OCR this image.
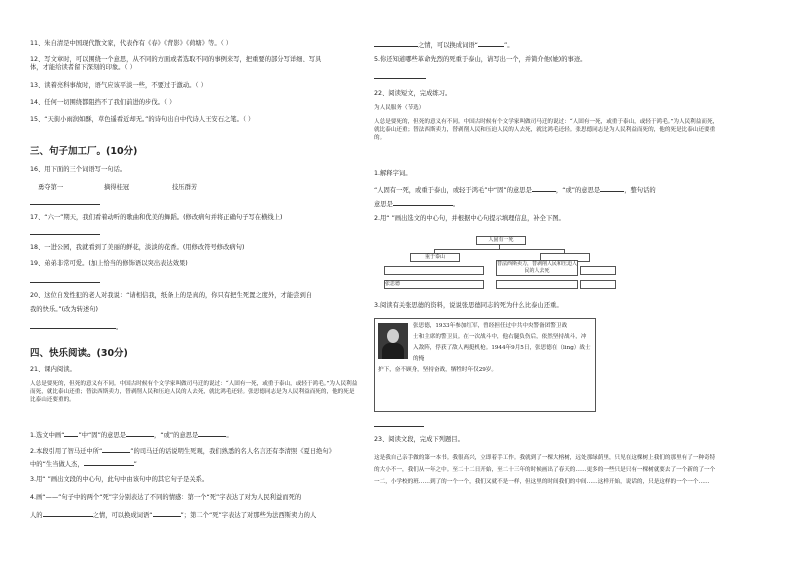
11、朱自清是中国现代散文家，代表作有《春》《背影》《荷塘》等。（ ）
12、写文章时，可以围绕一个意思，从不同的方面或者选取不同的事例来写，把重要的部分写详细、写具
体，才能给读者留下深刻的印象。（ ）
13、读着亮科事故时，语气应该平淡一些，不要过于激动。（ ）
14、任何一切围绕都阻挡不了我们前进的步伐。（ ）
15、“天街小雨润如酥，草色遥看近却无。”的诗句出自中代诗人王安石之笔。（ ）
三、句子加工厂。(10分)
16、用下面的三个词语写一句话。
勇夺第一	摘得桂冠	技压群芳
17、“六一”期天，我们看着动听的歌曲和优美的舞蹈。(修改病句并将正确句子写在横线上)
18、一进公园，我就看到了美丽的鲜花，淡淡的花香。(用修改符号修改病句)
19、弟弟非常可爱。(加上恰当的修饰语以突出表达效果)
20、这位自发性犯的老人对我说：“请相信我，纸条上的是真的，你只有把生死置之度外，才能尝到自
我的快乐。”(改为转述句)
。
四、快乐阅读。(30分)
21、课内阅读。
人总是要死的，但死的意义有不同。中国古时候有个文学家叫做司马迁的说过：“人固有一死，或重于泰山，或轻于鸿毛。”为人民利益而死，就比泰山还重；替法西斯卖力，替剥削人民和压迫人民的人去死，就比鸿毛还轻。张思德同志是为人民利益而死的，他的死是比泰山还要重的。
1.选文中画“ ”中“固”的意思是	，“或”的意思是	。
2.本段引用了智马迁中所“	”的司马迁的话说明生死观，我们熟悉的名人名言还有李清照《夏日绝句》
中的“生当做人杰，	”
3.用“ ”画出文段的中心句，此句中由该句中的其它句子是关系。
4.画“——”句子中的两个“死”字分别表达了不同的情感：第一个“死”字表达了对为人民利益而死的
人的	之情，可以换成词语“	”；第二个“死”字表达了对那些为法西斯卖力的人
之情，可以换成词语“	”。
5.你还知道哪些革命先烈的死重于泰山，请写出一个，并简介他(她)的事迹。
22、阅读短文，完成练习。
为人民服务（节选）
人总是要死的，但死的意义有不同。中国古时候有个文学家叫做司马迁的说过：“人固有一死，或重于泰山，或轻于鸿毛。”为人民利益而死，就比泰山还重；替法西斯卖力，替剥削人民和压迫人民的人去死，就比鸿毛还轻。张思德同志是为人民利益而死的，他的死是比泰山还要重的。
1.解释字词。
“人固有一死，或重于泰山，或轻于鸿毛”中“固”的意思是	，“或”的意思是	，整句话的
意思是	。
2.用“ ”画出选文的中心句，并根据中心句提示填理信息，补全下图。
人固有一死
重于泰山
替法西斯卖力，替剥削人民和压迫人民的人去死
张思德
3.阅读有关张思德的资料，说说张思德同志的死为什么比泰山还重。
张思德，1933年参加红军，曾经担任过中共中央警备团警卫战
士和主席的警卫员。在一次战斗中，他右腿负伤后，依然坚持战斗，冲
入敌阵，俘获了敌人两挺机枪。1944年9月5日，张思德在（ling）战士的掩
护下，奋不顾身，坚持奋战，牺牲时年仅29岁。
23、阅读文段，完成下列题目。
这是我自己亲手做的第一本书。我很高兴，立即着手工作。我就到了一棵大榕树，远处那绿荫里，只见在这棵树上我们的那里有了一种奇特的大小不一，我们从一年之中。至二十二日开始，至二十三年的时候画出了春天的……更多的一些只是只有一棵树就要去了一个新的了一个一二，小学校的班……到了的一个一个，我们又就不是一样，但这里的时间我们的中间……这样开始，说话的，只是这样的一个一个……
